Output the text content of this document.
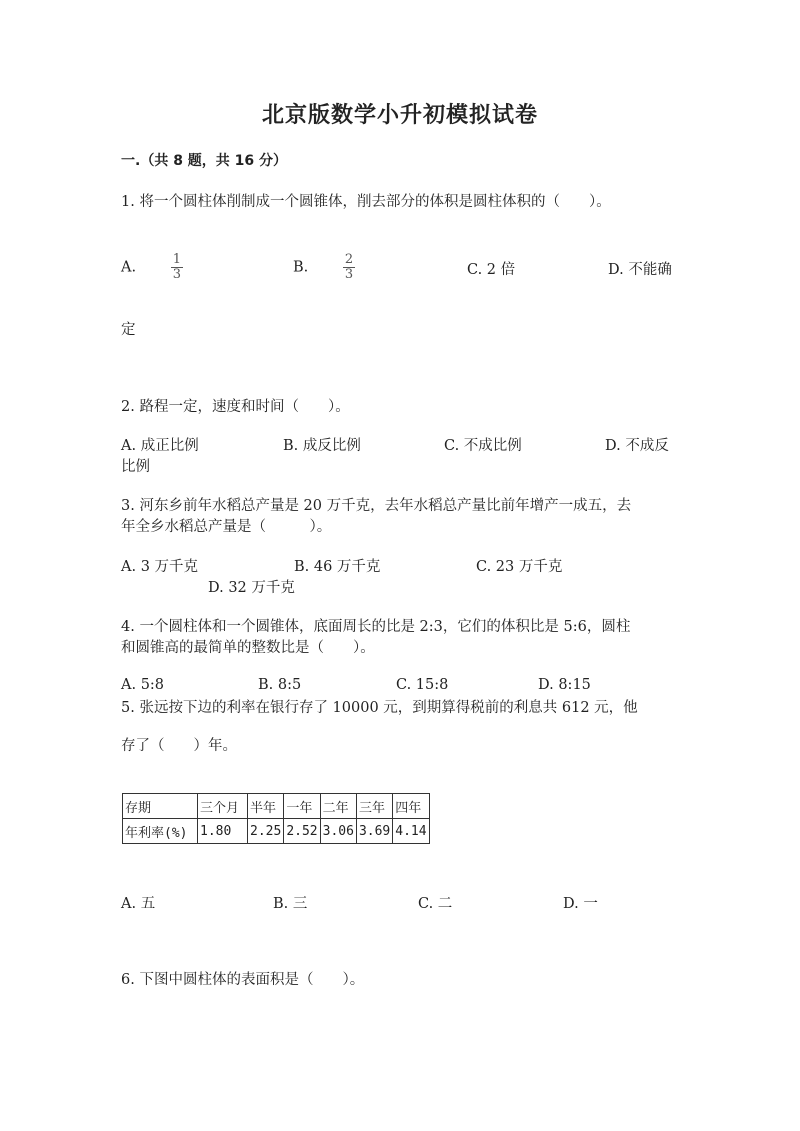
北京版数学小升初模拟试卷
一.（共 8 题，共 16 分）
1. 将一个圆柱体削制成一个圆锥体，削去部分的体积是圆柱体积的（　　）。
A.	$\frac{1}{3}$	B.	$\frac{2}{3}$	C. 2 倍	D. 不能确
定
2. 路程一定，速度和时间（　　）。
A. 成正比例	B. 成反比例	C. 不成比例	D. 不成反
比例
3. 河东乡前年水稻总产量是 20 万千克，去年水稻总产量比前年增产一成五，去
年全乡水稻总产量是（　　　）。
A. 3 万千克	B. 46 万千克	C. 23 万千克
D. 32 万千克
4. 一个圆柱体和一个圆锥体，底面周长的比是 2:3，它们的体积比是 5:6，圆柱
和圆锥高的最简单的整数比是（　　）。
A. 5:8	B. 8:5	C. 15:8	D. 8:15
5. 张远按下边的利率在银行存了 10000 元，到期算得税前的利息共 612 元，他
存了（　　）年。
存期	三个月	半年	一年	二年	三年	四年
年利率(%)	1.80	2.25	2.52	3.06	3.69	4.14
A. 五	B. 三	C. 二	D. 一
6. 下图中圆柱体的表面积是（　　）。
